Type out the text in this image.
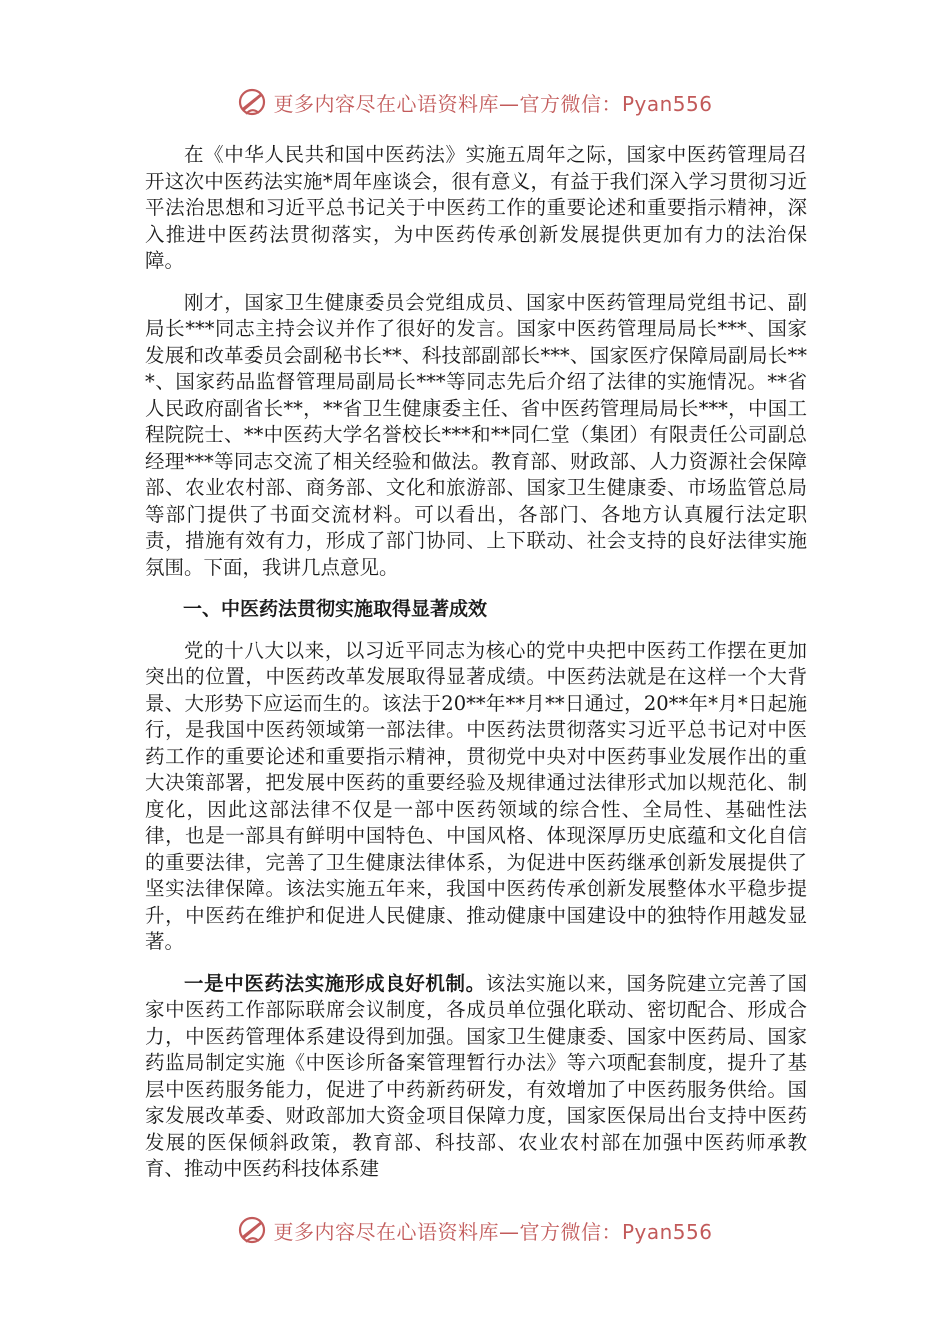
更多内容尽在心语资料库—官方微信：Pyan556

在《中华人民共和国中医药法》实施五周年之际，国家中医药管理局召开这次中医药法实施*周年座谈会，很有意义，有益于我们深入学习贯彻习近平法治思想和习近平总书记关于中医药工作的重要论述和重要指示精神，深入推进中医药法贯彻落实，为中医药传承创新发展提供更加有力的法治保障。

刚才，国家卫生健康委员会党组成员、国家中医药管理局党组书记、副局长***同志主持会议并作了很好的发言。国家中医药管理局局长***、国家发展和改革委员会副秘书长**、科技部副部长***、国家医疗保障局副局长***、国家药品监督管理局副局长***等同志先后介绍了法律的实施情况。**省人民政府副省长**，**省卫生健康委主任、省中医药管理局局长***，中国工程院院士、**中医药大学名誉校长***和**同仁堂（集团）有限责任公司副总经理***等同志交流了相关经验和做法。教育部、财政部、人力资源社会保障部、农业农村部、商务部、文化和旅游部、国家卫生健康委、市场监管总局等部门提供了书面交流材料。可以看出，各部门、各地方认真履行法定职责，措施有效有力，形成了部门协同、上下联动、社会支持的良好法律实施氛围。下面，我讲几点意见。

一、中医药法贯彻实施取得显著成效

党的十八大以来，以习近平同志为核心的党中央把中医药工作摆在更加突出的位置，中医药改革发展取得显著成绩。中医药法就是在这样一个大背景、大形势下应运而生的。该法于20**年**月**日通过，20**年*月*日起施行，是我国中医药领域第一部法律。中医药法贯彻落实习近平总书记对中医药工作的重要论述和重要指示精神，贯彻党中央对中医药事业发展作出的重大决策部署，把发展中医药的重要经验及规律通过法律形式加以规范化、制度化，因此这部法律不仅是一部中医药领域的综合性、全局性、基础性法律，也是一部具有鲜明中国特色、中国风格、体现深厚历史底蕴和文化自信的重要法律，完善了卫生健康法律体系，为促进中医药继承创新发展提供了坚实法律保障。该法实施五年来，我国中医药传承创新发展整体水平稳步提升，中医药在维护和促进人民健康、推动健康中国建设中的独特作用越发显著。

一是中医药法实施形成良好机制。该法实施以来，国务院建立完善了国家中医药工作部际联席会议制度，各成员单位强化联动、密切配合、形成合力，中医药管理体系建设得到加强。国家卫生健康委、国家中医药局、国家药监局制定实施《中医诊所备案管理暂行办法》等六项配套制度，提升了基层中医药服务能力，促进了中药新药研发，有效增加了中医药服务供给。国家发展改革委、财政部加大资金项目保障力度，国家医保局出台支持中医药发展的医保倾斜政策，教育部、科技部、农业农村部在加强中医药师承教育、推动中医药科技体系建

更多内容尽在心语资料库—官方微信：Pyan556
